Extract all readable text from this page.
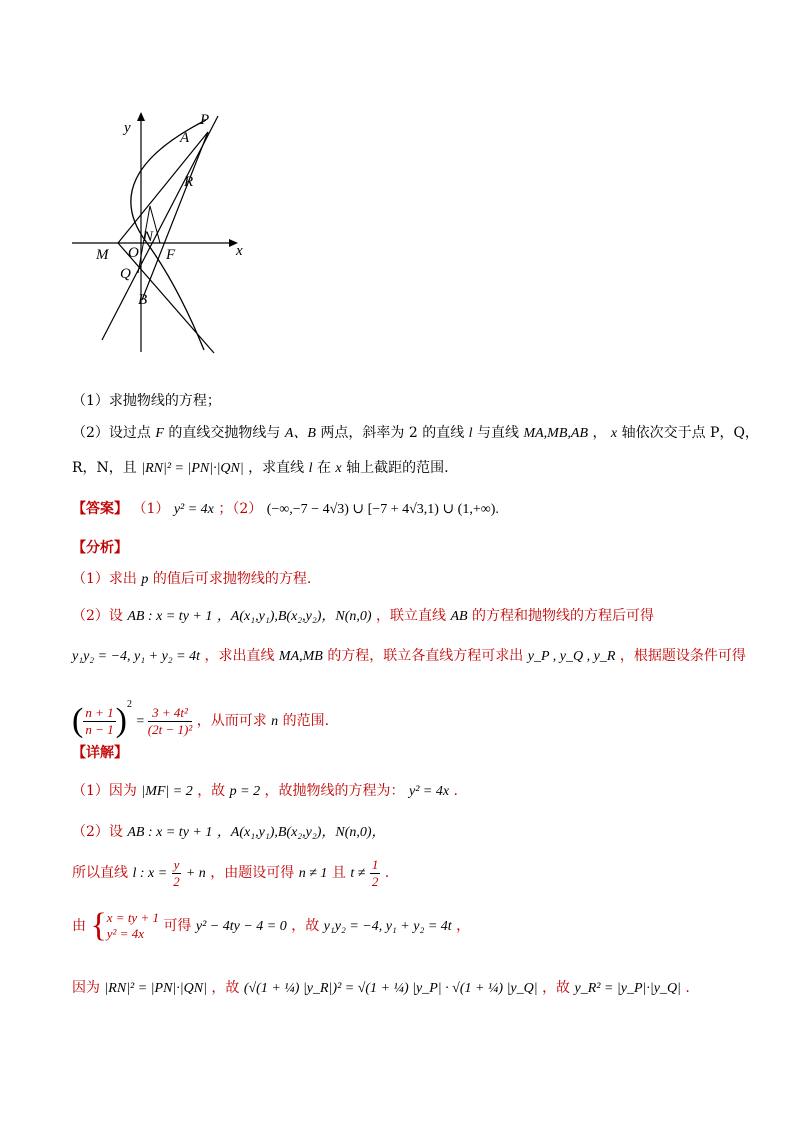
y
x
P
A
R
N
M O F
Q
B
（1）求抛物线的方程；
（2）设过点 F 的直线交抛物线与 A、B 两点，斜率为 2 的直线 l 与直线 MA,MB,AB ， x 轴依次交于点 P，Q，
R，N，且 |RN|² = |PN|·|QN| ，求直线 l 在 x 轴上截距的范围.
【答案】 （1） y² = 4x ；（2） (−∞,−7 − 4√3) ∪ [−7 + 4√3,1) ∪ (1,+∞).
【分析】
（1）求出 p 的值后可求抛物线的方程.
（2）设 AB : x = ty + 1 ，A(x₁,y₁),B(x₂,y₂)，N(n,0) ，联立直线 AB 的方程和抛物线的方程后可得
y₁y₂ = −4, y₁ + y₂ = 4t ，求出直线 MA,MB 的方程，联立各直线方程可求出 y_P , y_Q , y_R ，根据题设条件可得
( $\frac{n + 1}{n - 1} )^2 = \frac{\text{3 + 4t²}}{\text{(2t − 1)²}}$ ，从而可求 n 的范围.
【详解】
（1）因为 |MF| = 2 ，故 p = 2 ，故抛物线的方程为： y² = 4x .
（2）设 AB : x = ty + 1 ，A(x₁,y₁),B(x₂,y₂)，N(n,0)，
所以直线 l : $x = \frac{y}{2} + n$ ，由题设可得 n ≠ 1 且 $t \ne \frac{1}{2}$ .
由 { x = ty + 1
y² = 4x	可得 y² − 4ty − 4 = 0 ，故 y₁y₂ = −4, y₁ + y₂ = 4t ，
因为 |RN|² = |PN|·|QN| ，故 (√(1 + ¼) |y_R|)² = √(1 + ¼) |y_P| · √(1 + ¼) |y_Q| ，故 y_R² = |y_P|·|y_Q| .
